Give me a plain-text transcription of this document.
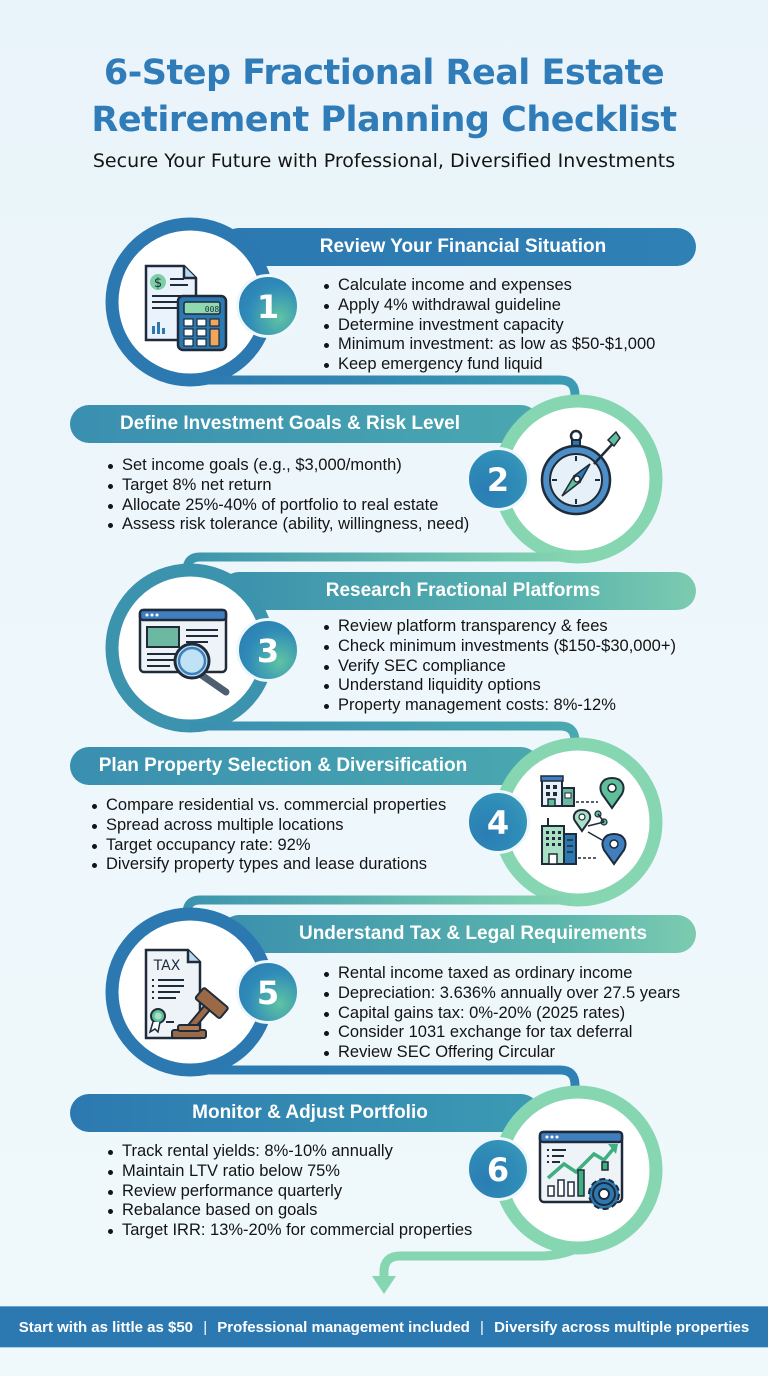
6-Step Fractional Real Estate
Retirement Planning Checklist
Secure Your Future with Professional, Diversified Investments
Review Your Financial Situation
1
Calculate income and expenses
Apply 4% withdrawal guideline
Determine investment capacity
Minimum investment: as low as $50-$1,000
Keep emergency fund liquid
$
008
Define Investment Goals & Risk Level
2
Set income goals (e.g., $3,000/month)
Target 8% net return
Allocate 25%-40% of portfolio to real estate
Assess risk tolerance (ability, willingness, need)
Research Fractional Platforms
3
Review platform transparency & fees
Check minimum investments ($150-$30,000+)
Verify SEC compliance
Understand liquidity options
Property management costs: 8%-12%
Plan Property Selection & Diversification
4
Compare residential vs. commercial properties
Spread across multiple locations
Target occupancy rate: 92%
Diversify property types and lease durations
Understand Tax & Legal Requirements
5
Rental income taxed as ordinary income
Depreciation: 3.636% annually over 27.5 years
Capital gains tax: 0%-20% (2025 rates)
Consider 1031 exchange for tax deferral
Review SEC Offering Circular
TAX
Monitor & Adjust Portfolio
6
Track rental yields: 8%-10% annually
Maintain LTV ratio below 75%
Review performance quarterly
Rebalance based on goals
Target IRR: 13%-20% for commercial properties
Start with as little as $50 | Professional management included | Diversify across multiple properties
